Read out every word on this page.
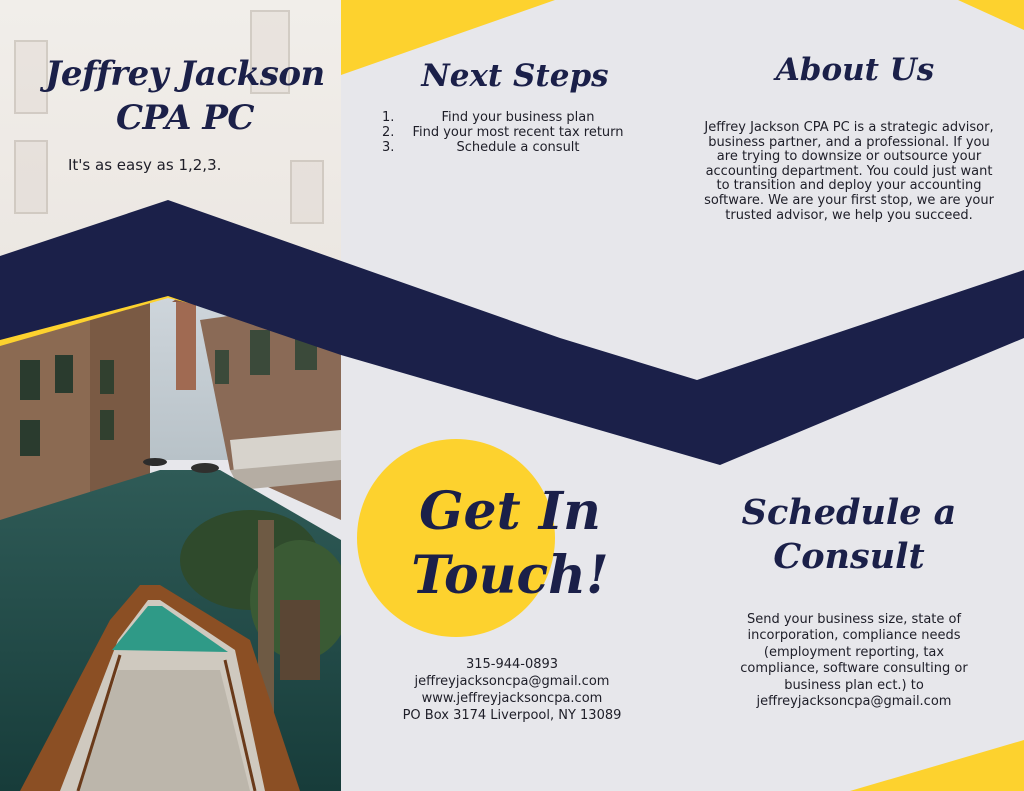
Jeffrey Jackson
CPA PC
It's as easy as 1,2,3.
Next Steps
1.	Find your business plan
2. Find your most recent tax return
3.	Schedule a consult
About Us
Jeffrey Jackson CPA PC is a strategic advisor, business partner, and a professional. If you are trying to downsize or outsource your accounting department. You could just want to transition and deploy your accounting software. We are your first stop, we are your trusted advisor, we help you succeed.
Get In
Touch!
315-944-0893
jeffreyjacksoncpa@gmail.com
www.jeffreyjacksoncpa.com
PO Box 3174 Liverpool, NY 13089
Schedule a
Consult
Send your business size, state of incorporation, compliance needs (employment reporting, tax compliance, software consulting or business plan ect.) to jeffreyjacksoncpa@gmail.com
